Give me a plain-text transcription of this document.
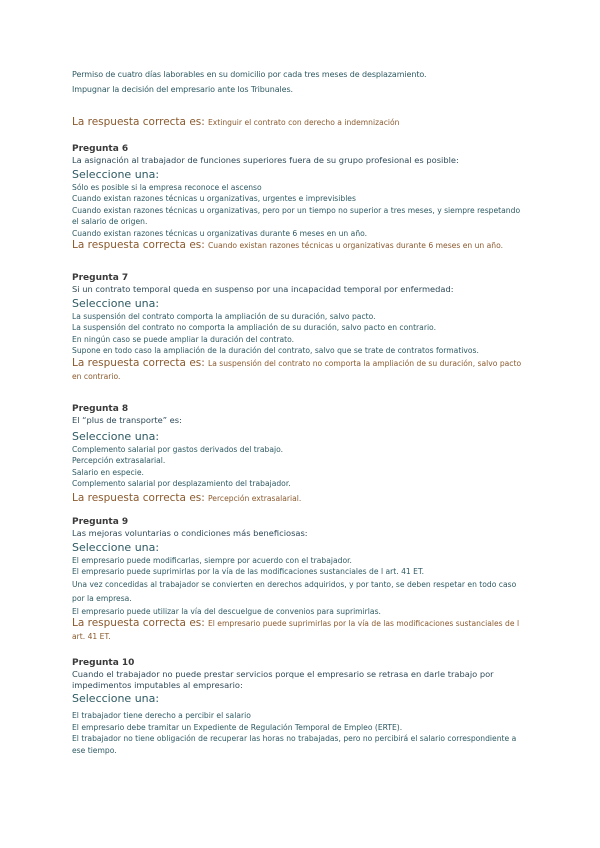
Permiso de cuatro días laborables en su domicilio por cada tres meses de desplazamiento.
Impugnar la decisión del empresario ante los Tribunales.
La respuesta correcta es: Extinguir el contrato con derecho a indemnización
Pregunta 6
La asignación al trabajador de funciones superiores fuera de su grupo profesional es posible:
Seleccione una:
Sólo es posible si la empresa reconoce el ascenso
Cuando existan razones técnicas u organizativas, urgentes e imprevisibles
Cuando existan razones técnicas u organizativas, pero por un tiempo no superior a tres meses, y siempre respetando el salario de origen.
Cuando existan razones técnicas u organizativas durante 6 meses en un año.
La respuesta correcta es: Cuando existan razones técnicas u organizativas durante 6 meses en un año.
Pregunta 7
Si un contrato temporal queda en suspenso por una incapacidad temporal por enfermedad:
Seleccione una:
La suspensión del contrato comporta la ampliación de su duración, salvo pacto.
La suspensión del contrato no comporta la ampliación de su duración, salvo pacto en contrario.
En ningún caso se puede ampliar la duración del contrato.
Supone en todo caso la ampliación de la duración del contrato, salvo que se trate de contratos formativos.
La respuesta correcta es: La suspensión del contrato no comporta la ampliación de su duración, salvo pacto en contrario.
Pregunta 8
El “plus de transporte” es:
Seleccione una:
Complemento salarial por gastos derivados del trabajo.
Percepción extrasalarial.
Salario en especie.
Complemento salarial por desplazamiento del trabajador.
La respuesta correcta es: Percepción extrasalarial.
Pregunta 9
Las mejoras voluntarias o condiciones más beneficiosas:
Seleccione una:
El empresario puede modificarlas, siempre por acuerdo con el trabajador.
El empresario puede suprimirlas por la vía de las modificaciones sustanciales de l art. 41 ET.
Una vez concedidas al trabajador se convierten en derechos adquiridos, y por tanto, se deben respetar en todo caso por la empresa.
El empresario puede utilizar la vía del descuelgue de convenios para suprimirlas.
La respuesta correcta es: El empresario puede suprimirlas por la vía de las modificaciones sustanciales de l art. 41 ET.
Pregunta 10
Cuando el trabajador no puede prestar servicios porque el empresario se retrasa en darle trabajo por impedimentos imputables al empresario:
Seleccione una:
El trabajador tiene derecho a percibir el salario
El empresario debe tramitar un Expediente de Regulación Temporal de Empleo (ERTE).
El trabajador no tiene obligación de recuperar las horas no trabajadas, pero no percibirá el salario correspondiente a ese tiempo.
